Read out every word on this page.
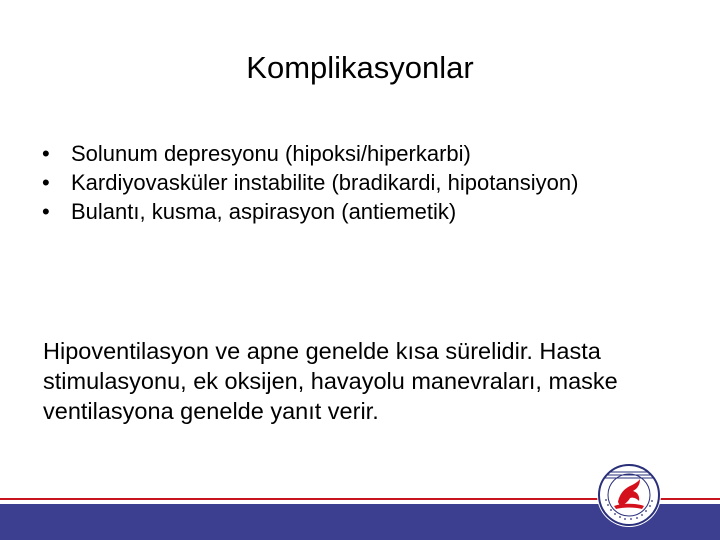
Komplikasyonlar
• Solunum depresyonu (hipoksi/hiperkarbi)
• Kardiyovasküler instabilite (bradikardi, hipotansiyon)
• Bulantı, kusma, aspirasyon (antiemetik)

Hipoventilasyon ve apne genelde kısa sürelidir. Hasta stimulasyonu, ek oksijen, havayolu manevraları, maske ventilasyona genelde yanıt verir.
